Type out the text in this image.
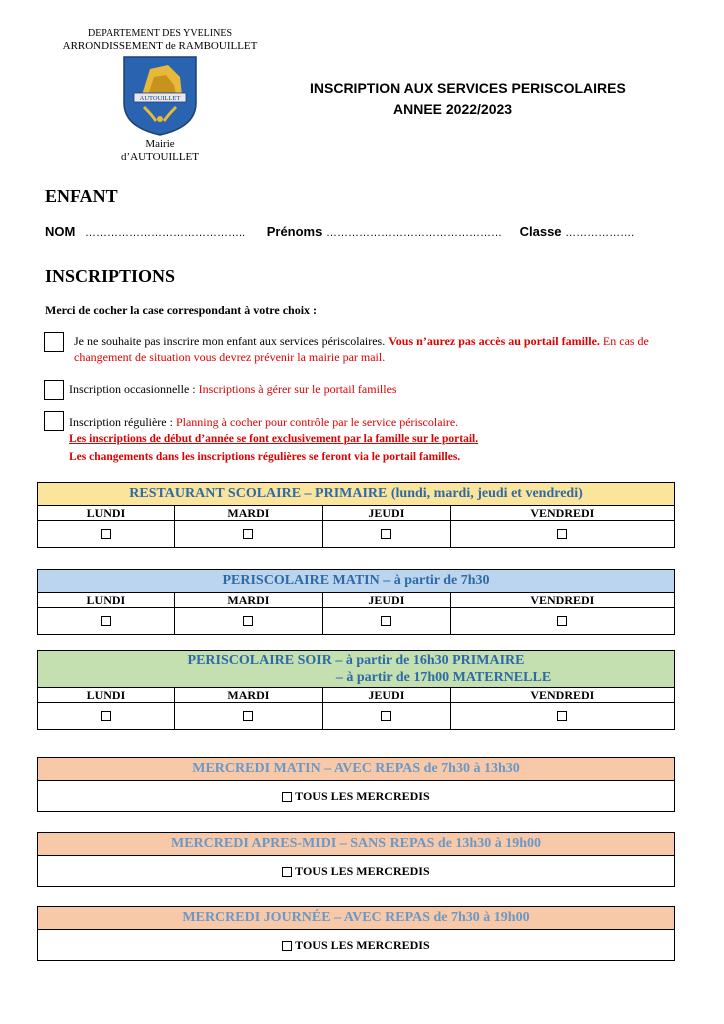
DEPARTEMENT DES YVELINES
ARRONDISSEMENT de RAMBOUILLET
AUTOUILLET
Mairie
d’AUTOUILLET
INSCRIPTION AUX SERVICES PERISCOLAIRES
ANNEE 2022/2023
ENFANT
NOM …………………………………….. Prénoms ………………………………………… Classe ……………….
INSCRIPTIONS
Merci de cocher la case correspondant à votre choix :
Je ne souhaite pas inscrire mon enfant aux services périscolaires. Vous n’aurez pas accès au portail famille. En cas de changement de situation vous devrez prévenir la mairie par mail.
Inscription occasionnelle : Inscriptions à gérer sur le portail familles
Inscription régulière : Planning à cocher pour contrôle par le service périscolaire.
Les inscriptions de début d’année se font exclusivement par la famille sur le portail.
Les changements dans les inscriptions régulières se feront via le portail familles.
RESTAURANT SCOLAIRE – PRIMAIRE (lundi, mardi, jeudi et vendredi)			
LUNDI	MARDI	JEUDI	VENDREDI

PERISCOLAIRE MATIN – à partir de 7h30			
LUNDI	MARDI	JEUDI	VENDREDI

PERISCOLAIRE SOIR – à partir de 16h30 PRIMAIRE
– à partir de 17h00 MATERNELLE			

LUNDI	MARDI	JEUDI	VENDREDI

MERCREDI MATIN – AVEC REPAS de 7h30 à 13h30
TOUS LES MERCREDIS
MERCREDI APRES-MIDI – SANS REPAS de 13h30 à 19h00
TOUS LES MERCREDIS
MERCREDI JOURNÉE – AVEC REPAS de 7h30 à 19h00
TOUS LES MERCREDIS
